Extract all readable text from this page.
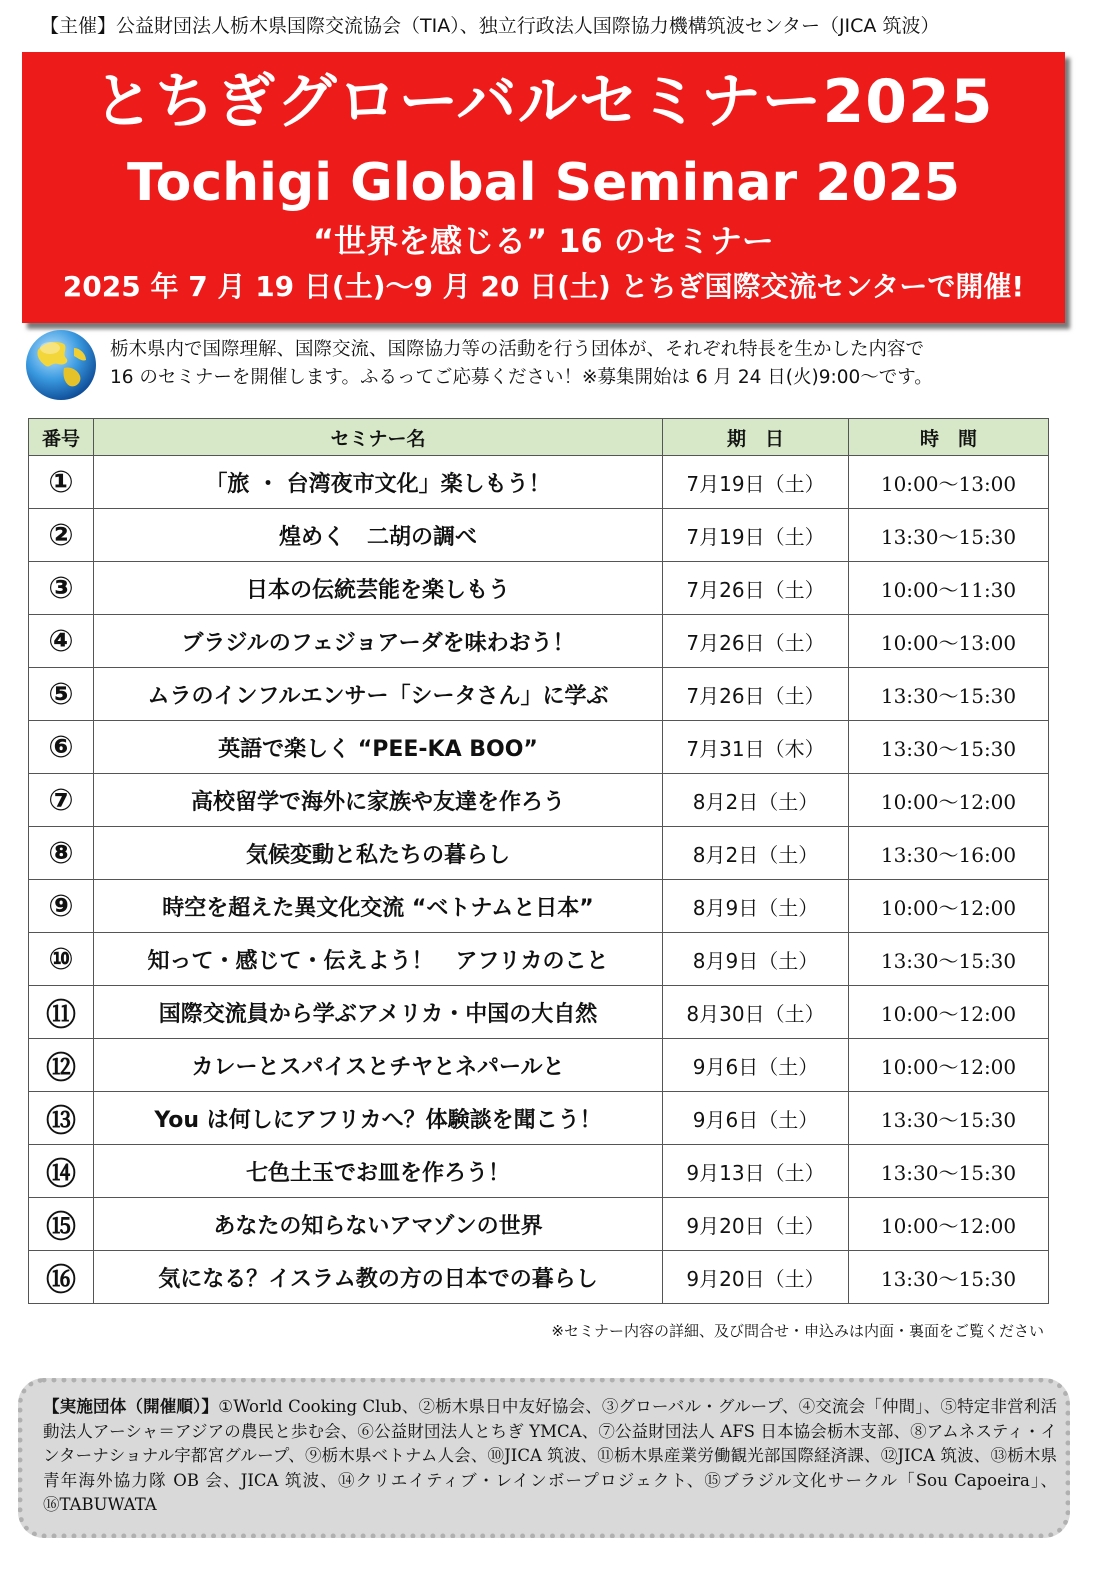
【主催】公益財団法人栃木県国際交流協会（TIA）、独立行政法人国際協力機構筑波センター（JICA 筑波）
とちぎグローバルセミナー2025
Tochigi Global Seminar 2025
“世界を感じる” 16 のセミナー
2025 年 7 月 19 日(土)～9 月 20 日(土) とちぎ国際交流センターで開催!
栃木県内で国際理解、国際交流、国際協力等の活動を行う団体が、それぞれ特長を生かした内容で
16 のセミナーを開催します。ふるってご応募ください！※募集開始は 6 月 24 日(火)9:00～です。
番号	セミナー名	期　日	時　間
①	「旅 ・ 台湾夜市文化」楽しもう！	7月19日（土）	10:00～13:00
②	煌めく　二胡の調べ	7月19日（土）	13:30～15:30
③	日本の伝統芸能を楽しもう	7月26日（土）	10:00～11:30
④	ブラジルのフェジョアーダを味わおう！	7月26日（土）	10:00～13:00
⑤	ムラのインフルエンサー「シータさん」に学ぶ	7月26日（土）	13:30～15:30
⑥	英語で楽しく “PEE-KA BOO”	7月31日（木）	13:30～15:30
⑦	高校留学で海外に家族や友達を作ろう	8月2日（土）	10:00～12:00
⑧	気候変動と私たちの暮らし	8月2日（土）	13:30～16:00
⑨	時空を超えた異文化交流 “ベトナムと日本”	8月9日（土）	10:00～12:00
⑩	知って・感じて・伝えよう！　アフリカのこと	8月9日（土）	13:30～15:30
⑪	国際交流員から学ぶアメリカ・中国の大自然	8月30日（土）	10:00～12:00
⑫	カレーとスパイスとチヤとネパールと	9月6日（土）	10:00～12:00
⑬	You は何しにアフリカへ？体験談を聞こう！	9月6日（土）	13:30～15:30
⑭	七色土玉でお皿を作ろう！	9月13日（土）	13:30～15:30
⑮	あなたの知らないアマゾンの世界	9月20日（土）	10:00～12:00
⑯	気になる？イスラム教の方の日本での暮らし	9月20日（土）	13:30～15:30
※セミナー内容の詳細、及び問合せ・申込みは内面・裏面をご覧ください
【実施団体（開催順）】①World Cooking Club、②栃木県日中友好協会、③グローバル・グループ、④交流会「仲間」、⑤特定非営利活動法人アーシャ＝アジアの農民と歩む会、⑥公益財団法人とちぎ YMCA、⑦公益財団法人 AFS 日本協会栃木支部、⑧アムネスティ・インターナショナル宇都宮グループ、⑨栃木県ベトナム人会、⑩JICA 筑波、⑪栃木県産業労働観光部国際経済課、⑫JICA 筑波、⑬栃木県青年海外協力隊 OB 会、JICA 筑波、⑭クリエイティブ・レインボープロジェクト、⑮ブラジル文化サークル「Sou Capoeira」、⑯TABUWATA
